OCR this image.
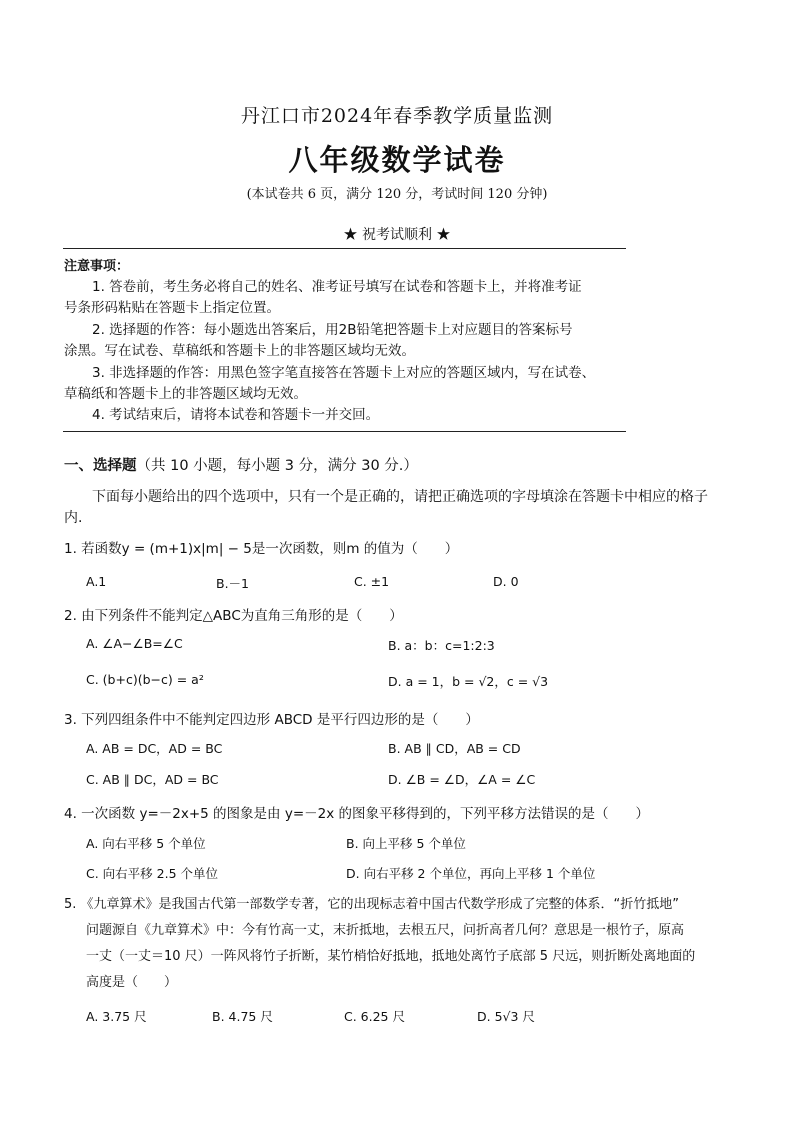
丹江口市2024年春季教学质量监测
八年级数学试卷
(本试卷共 6 页，满分 120 分，考试时间 120 分钟)
★ 祝考试顺利 ★
注意事项：
1. 答卷前，考生务必将自己的姓名、准考证号填写在试卷和答题卡上，并将准考证
号条形码粘贴在答题卡上指定位置。
2. 选择题的作答：每小题选出答案后，用2B铅笔把答题卡上对应题目的答案标号
涂黑。写在试卷、草稿纸和答题卡上的非答题区域均无效。
3. 非选择题的作答：用黑色签字笔直接答在答题卡上对应的答题区域内，写在试卷、
草稿纸和答题卡上的非答题区域均无效。
4. 考试结束后，请将本试卷和答题卡一并交回。
一、选择题（共 10 小题，每小题 3 分，满分 30 分.）
下面每小题给出的四个选项中，只有一个是正确的，请把正确选项的字母填涂在答题卡中相应的格子
内.
1. 若函数y = (m+1)x|m| − 5是一次函数，则m 的值为（　　）
A.1	B.－1	C. ±1	D. 0
2. 由下列条件不能判定△ABC为直角三角形的是（　　）
A. ∠A−∠B=∠C	B. a：b：c=1:2:3
C. (b+c)(b−c) = a²	D. a = 1，b = √2，c = √3
3. 下列四组条件中不能判定四边形 ABCD 是平行四边形的是（　　）
A. AB = DC，AD = BC	B. AB ∥ CD，AB = CD
C. AB ∥ DC，AD = BC	D. ∠B = ∠D，∠A = ∠C
4. 一次函数 y=－2x+5 的图象是由 y=－2x 的图象平移得到的，下列平移方法错误的是（　　）
A. 向右平移 5 个单位	B. 向上平移 5 个单位
C. 向右平移 2.5 个单位	D. 向右平移 2 个单位，再向上平移 1 个单位
5. 《九章算术》是我国古代第一部数学专著，它的出现标志着中国古代数学形成了完整的体系．“折竹抵地”
问题源自《九章算术》中：今有竹高一丈，末折抵地，去根五尺，问折高者几何？意思是一根竹子，原高
一丈（一丈＝10 尺）一阵风将竹子折断，某竹梢恰好抵地，抵地处离竹子底部 5 尺远，则折断处离地面的
高度是（　　）
A. 3.75 尺	B. 4.75 尺	C. 6.25 尺	D. 5√3 尺
